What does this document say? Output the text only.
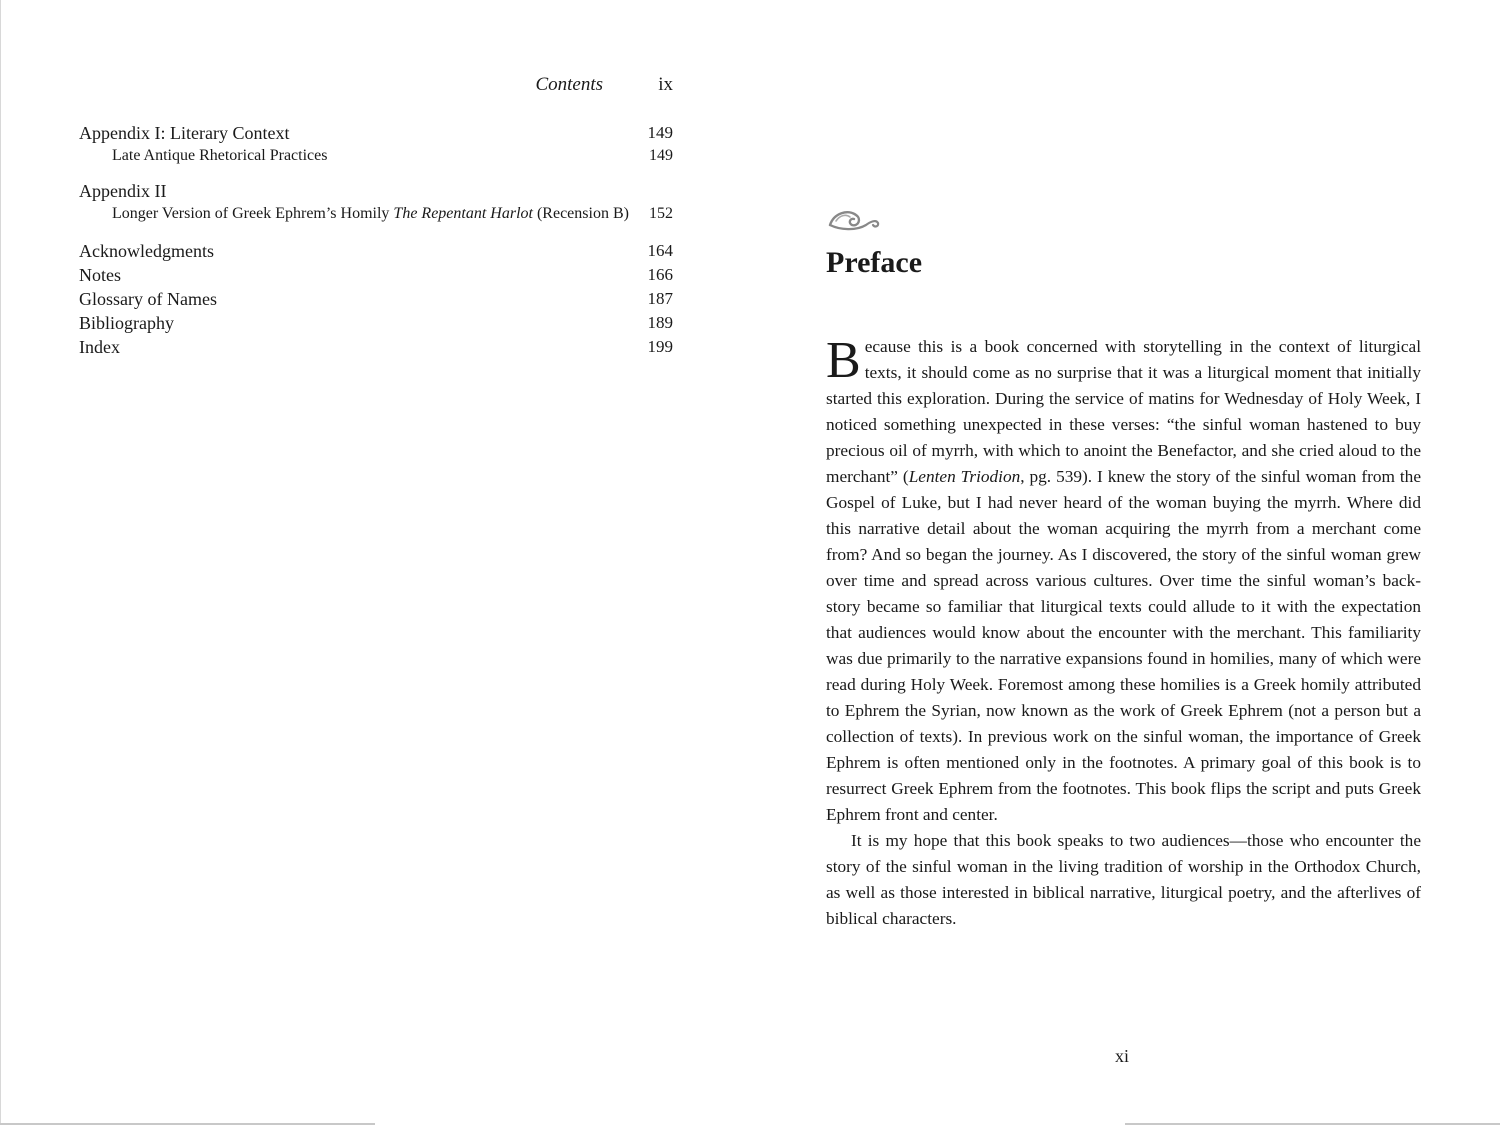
Contents	ix
Appendix I: Literary Context	149
Late Antique Rhetorical Practices	149
Appendix II
Longer Version of Greek Ephrem’s Homily The Repentant Harlot (Recension B) 152
Acknowledgments	164
Notes	166
Glossary of Names	187
Bibliography	189
Index	199
Preface

Because this is a book concerned with storytelling in the context of liturgical texts, it should come as no surprise that it was a liturgical moment that initially started this exploration. During the service of matins for Wednesday of Holy Week, I noticed something unexpected in these verses: “the sinful woman hastened to buy precious oil of myrrh, with which to anoint the Benefactor, and she cried aloud to the merchant” (Lenten Triodion, pg. 539). I knew the story of the sinful woman from the Gospel of Luke, but I had never heard of the woman buying the myrrh. Where did this narrative detail about the woman acquiring the myrrh from a merchant come from? And so began the journey. As I discovered, the story of the sinful woman grew over time and spread across various cultures. Over time the sinful woman’s back-story became so familiar that liturgical texts could allude to it with the expectation that audiences would know about the encounter with the merchant. This familiarity was due primarily to the narrative expansions found in homilies, many of which were read during Holy Week. Foremost among these homilies is a Greek homily attributed to Ephrem the Syrian, now known as the work of Greek Ephrem (not a person but a collection of texts). In previous work on the sinful woman, the importance of Greek Ephrem is often mentioned only in the footnotes. A primary goal of this book is to resurrect Greek Ephrem from the footnotes. This book flips the script and puts Greek Ephrem front and center.

It is my hope that this book speaks to two audiences—those who encounter the story of the sinful woman in the living tradition of worship in the Orthodox Church, as well as those interested in biblical narrative, liturgical poetry, and the afterlives of biblical characters.

xi
